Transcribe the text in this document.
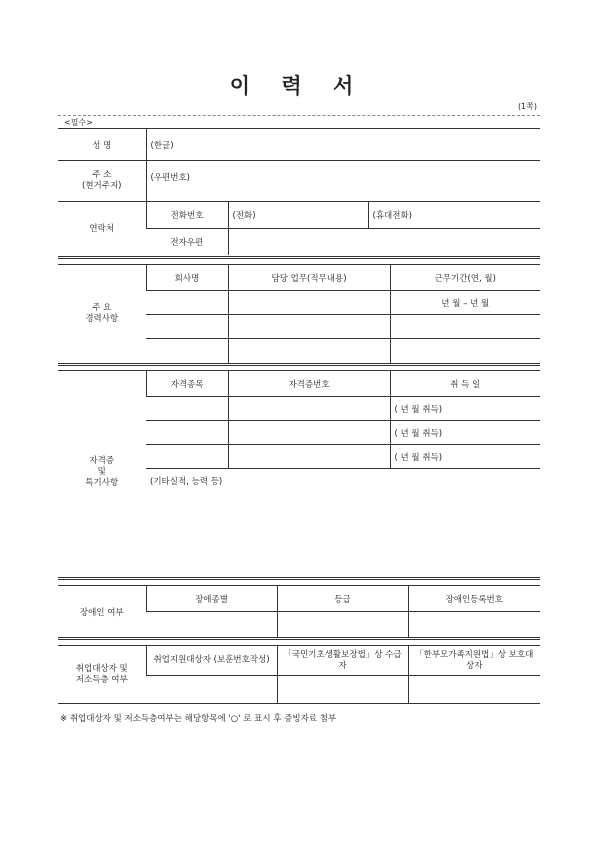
이 력 서
(1쪽)
<필수>
성 명	(한글)		
주 소
(현거주지)	(우편번호)		
연락처	전화번호	(전화)	(휴대전화)
	전자우편		
주 요
경력사항	회사명	담당 업무(직무내용)	근무기간(연, 월)
			년 월 – 년 월

자격증
및
특기사항	자격종목	자격증번호	취 득 일
			( 년 월 취득)
			( 년 월 취득)
			( 년 월 취득)
	(기타실적, 능력 등)		
장애인 여부	장애종별	등급	장애인등록번호

취업대상자 및
저소득층 여부	취업지원대상자 (보훈번호작성)	「국민기초생활보장법」상 수급자	「한부모가족지원법」상 보호대상자

※ 취업대상자 및 저소득층여부는 해당항목에 '○' 로 표시 후 증빙자료 첨부
